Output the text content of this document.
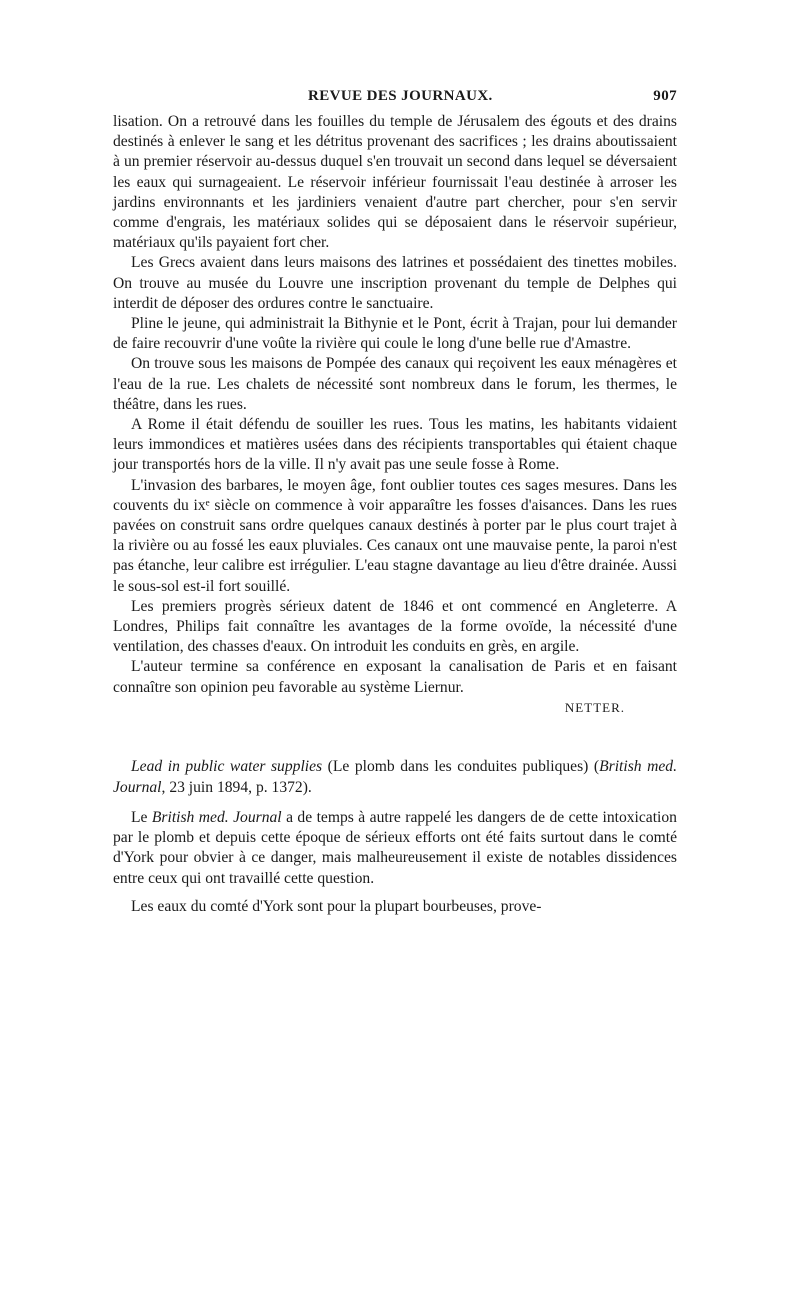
REVUE DES JOURNAUX.	907

lisation. On a retrouvé dans les fouilles du temple de Jérusalem des égouts et des drains destinés à enlever le sang et les détritus provenant des sacrifices ; les drains aboutissaient à un premier réservoir au-dessus duquel s'en trouvait un second dans lequel se déversaient les eaux qui surnageaient. Le réservoir inférieur fournissait l'eau destinée à arroser les jardins environnants et les jardiniers venaient d'autre part chercher, pour s'en servir comme d'engrais, les matériaux solides qui se déposaient dans le réservoir supérieur, matériaux qu'ils payaient fort cher.

Les Grecs avaient dans leurs maisons des latrines et possédaient des tinettes mobiles. On trouve au musée du Louvre une inscription provenant du temple de Delphes qui interdit de déposer des ordures contre le sanctuaire.

Pline le jeune, qui administrait la Bithynie et le Pont, écrit à Trajan, pour lui demander de faire recouvrir d'une voûte la rivière qui coule le long d'une belle rue d'Amastre.

On trouve sous les maisons de Pompée des canaux qui reçoivent les eaux ménagères et l'eau de la rue. Les chalets de nécessité sont nombreux dans le forum, les thermes, le théâtre, dans les rues.

A Rome il était défendu de souiller les rues. Tous les matins, les habitants vidaient leurs immondices et matières usées dans des récipients transportables qui étaient chaque jour transportés hors de la ville. Il n'y avait pas une seule fosse à Rome.

L'invasion des barbares, le moyen âge, font oublier toutes ces sages mesures. Dans les couvents du ixᵉ siècle on commence à voir apparaître les fosses d'aisances. Dans les rues pavées on construit sans ordre quelques canaux destinés à porter par le plus court trajet à la rivière ou au fossé les eaux pluviales. Ces canaux ont une mauvaise pente, la paroi n'est pas étanche, leur calibre est irrégulier. L'eau stagne davantage au lieu d'être drainée. Aussi le sous-sol est-il fort souillé.

Les premiers progrès sérieux datent de 1846 et ont commencé en Angleterre. A Londres, Philips fait connaître les avantages de la forme ovoïde, la nécessité d'une ventilation, des chasses d'eaux. On introduit les conduits en grès, en argile.

L'auteur termine sa conférence en exposant la canalisation de Paris et en faisant connaître son opinion peu favorable au système Liernur.

NETTER.

Lead in public water supplies (Le plomb dans les conduites publiques) (British med. Journal, 23 juin 1894, p. 1372).

Le British med. Journal a de temps à autre rappelé les dangers de de cette intoxication par le plomb et depuis cette époque de sérieux efforts ont été faits surtout dans le comté d'York pour obvier à ce danger, mais malheureusement il existe de notables dissidences entre ceux qui ont travaillé cette question.

Les eaux du comté d'York sont pour la plupart bourbeuses, prove-
